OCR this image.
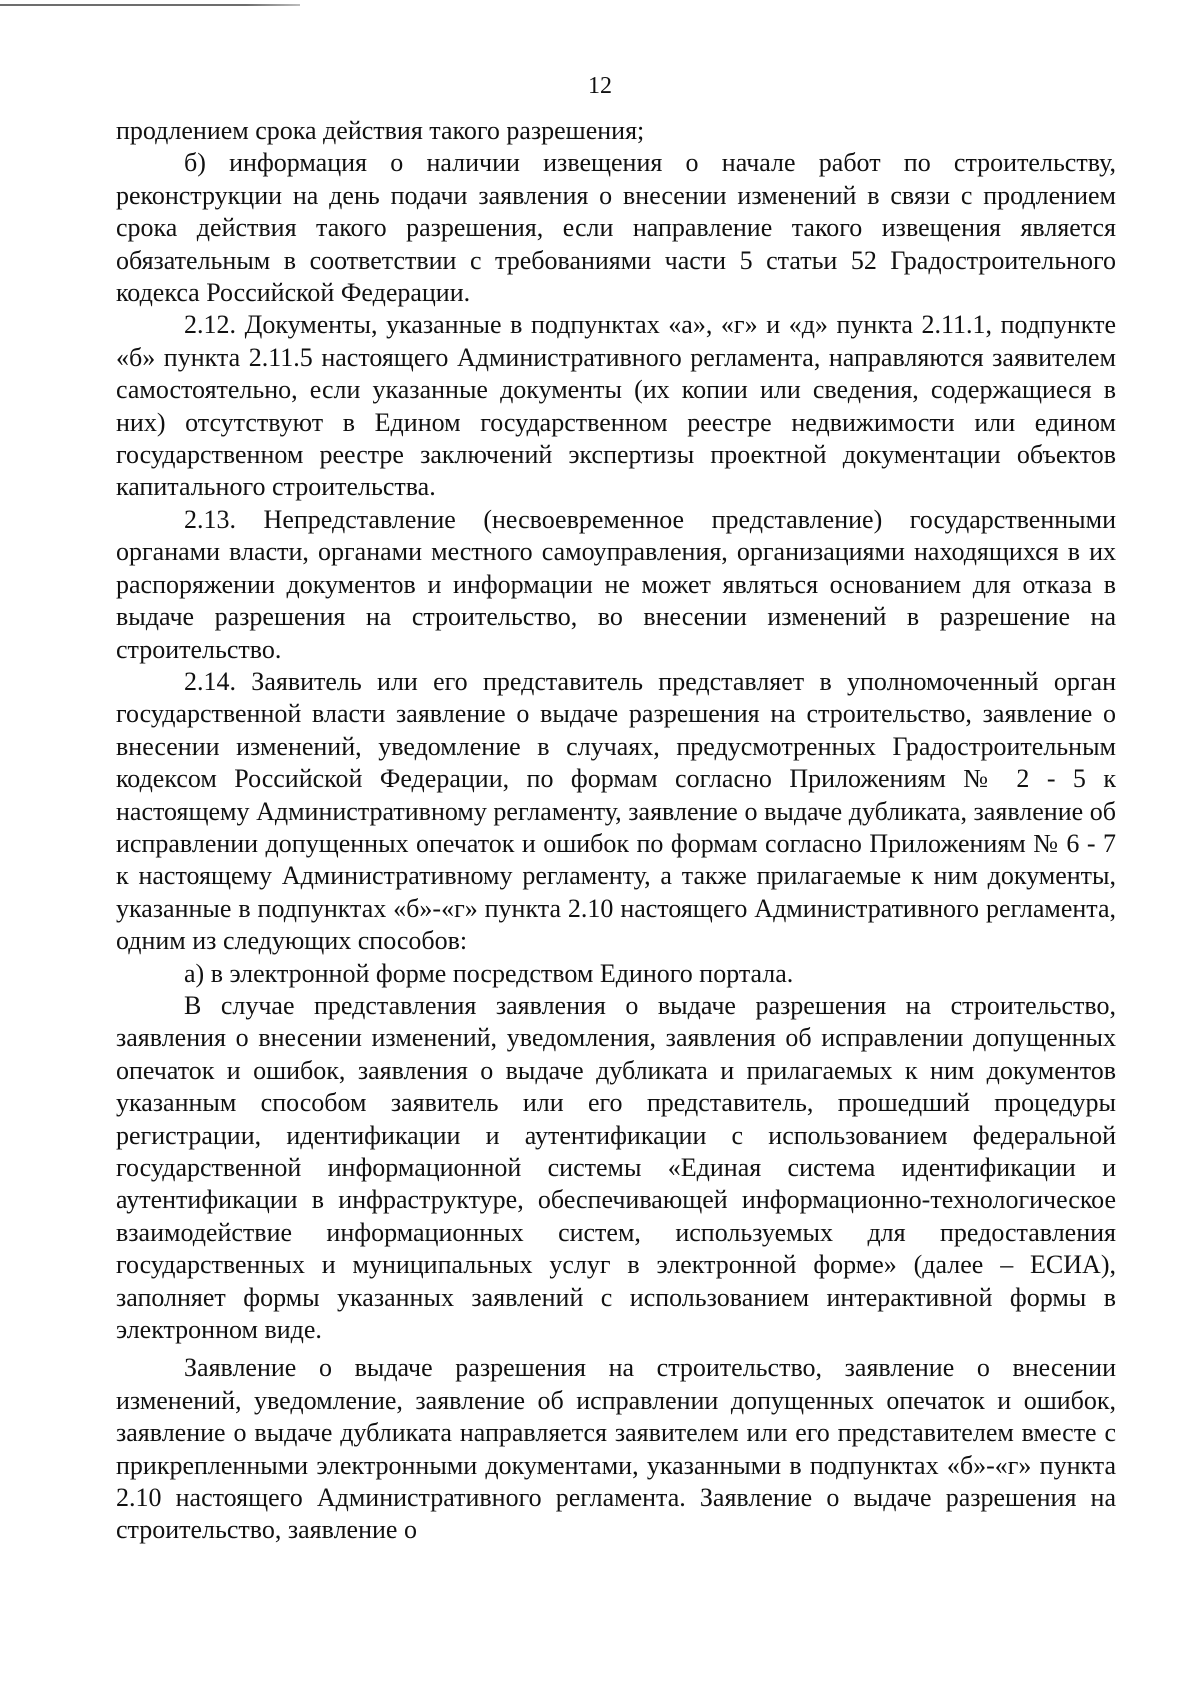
12

продлением срока действия такого разрешения;

б) информация о наличии извещения о начале работ по строительству, реконструкции на день подачи заявления о внесении изменений в связи с продлением срока действия такого разрешения, если направление такого извещения является обязательным в соответствии с требованиями части 5 статьи 52 Градостроительного кодекса Российской Федерации.

2.12. Документы, указанные в подпунктах «а», «г» и «д» пункта 2.11.1, подпункте «б» пункта 2.11.5 настоящего Административного регламента, направляются заявителем самостоятельно, если указанные документы (их копии или сведения, содержащиеся в них) отсутствуют в Едином государственном реестре недвижимости или едином государственном реестре заключений экспертизы проектной документации объектов капитального строительства.

2.13. Непредставление (несвоевременное представление) государственными органами власти, органами местного самоуправления, организациями находящихся в их распоряжении документов и информации не может являться основанием для отказа в выдаче разрешения на строительство, во внесении изменений в разрешение на строительство.

2.14. Заявитель или его представитель представляет в уполномоченный орган государственной власти заявление о выдаче разрешения на строительство, заявление о внесении изменений, уведомление в случаях, предусмотренных Градостроительным кодексом Российской Федерации, по формам согласно Приложениям № 2 - 5 к настоящему Административному регламенту, заявление о выдаче дубликата, заявление об исправлении допущенных опечаток и ошибок по формам согласно Приложениям № 6 - 7 к настоящему Административному регламенту, а также прилагаемые к ним документы, указанные в подпунктах «б»-«г» пункта 2.10 настоящего Административного регламента, одним из следующих способов:

а) в электронной форме посредством Единого портала.

В случае представления заявления о выдаче разрешения на строительство, заявления о внесении изменений, уведомления, заявления об исправлении допущенных опечаток и ошибок, заявления о выдаче дубликата и прилагаемых к ним документов указанным способом заявитель или его представитель, прошедший процедуры регистрации, идентификации и аутентификации с использованием федеральной государственной информационной системы «Единая система идентификации и аутентификации в инфраструктуре, обеспечивающей информационно-технологическое взаимодействие информационных систем, используемых для предоставления государственных и муниципальных услуг в электронной форме» (далее – ЕСИА), заполняет формы указанных заявлений с использованием интерактивной формы в электронном виде.

Заявление о выдаче разрешения на строительство, заявление о внесении изменений, уведомление, заявление об исправлении допущенных опечаток и ошибок, заявление о выдаче дубликата направляется заявителем или его представителем вместе с прикрепленными электронными документами, указанными в подпунктах «б»-«г» пункта 2.10 настоящего Административного регламента. Заявление о выдаче разрешения на строительство, заявление о
